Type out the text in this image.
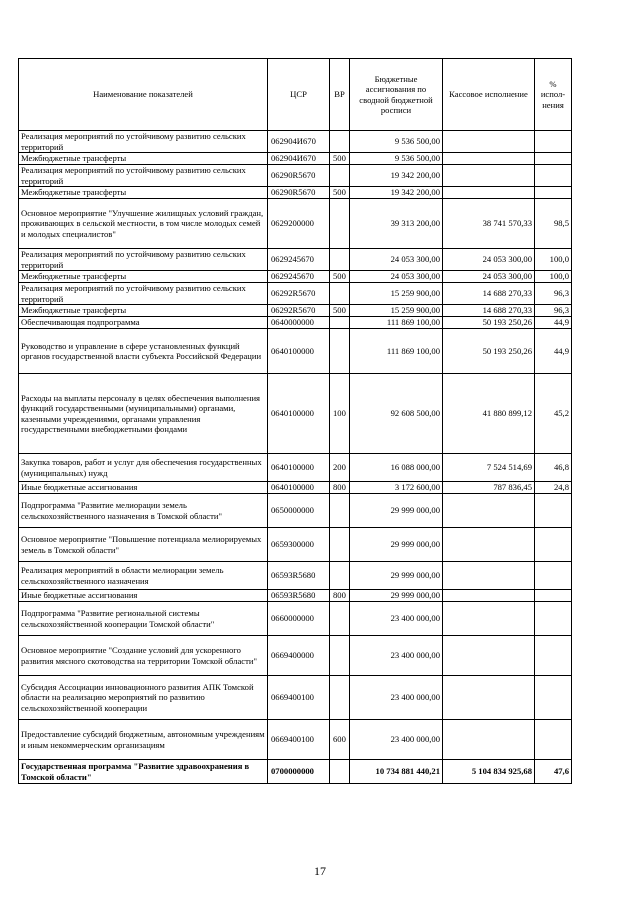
Наименование показателей	ЦСР	ВР	Бюджетные ассигнования по сводной бюджетной росписи	Кассовое исполнение	% испол-нения
Реализация мероприятий по устойчивому развитию сельских территорий	062904И670		9 536 500,00		
Межбюджетные трансферты	062904И670	500	9 536 500,00		
Реализация мероприятий по устойчивому развитию сельских территорий	06290R5670		19 342 200,00		
Межбюджетные трансферты	06290R5670	500	19 342 200,00		
Основное мероприятие "Улучшение жилищных условий граждан, проживающих в сельской местности, в том числе молодых семей и молодых специалистов"	0629200000		39 313 200,00	38 741 570,33	98,5
Реализация мероприятий по устойчивому развитию сельских территорий	0629245670		24 053 300,00	24 053 300,00	100,0
Межбюджетные трансферты	0629245670	500	24 053 300,00	24 053 300,00	100,0
Реализация мероприятий по устойчивому развитию сельских территорий	06292R5670		15 259 900,00	14 688 270,33	96,3
Межбюджетные трансферты	06292R5670	500	15 259 900,00	14 688 270,33	96,3
Обеспечивающая подпрограмма	0640000000		111 869 100,00	50 193 250,26	44,9
Руководство и управление в сфере установленных функций органов государственной власти субъекта Российской Федерации	0640100000		111 869 100,00	50 193 250,26	44,9
Расходы на выплаты персоналу в целях обеспечения выполнения функций государственными (муниципальными) органами, казенными учреждениями, органами управления государственными внебюджетными фондами	0640100000	100	92 608 500,00	41 880 899,12	45,2
Закупка товаров, работ и услуг для обеспечения государственных (муниципальных) нужд	0640100000	200	16 088 000,00	7 524 514,69	46,8
Иные бюджетные ассигнования	0640100000	800	3 172 600,00	787 836,45	24,8
Подпрограмма "Развитие мелиорации земель сельскохозяйственного назначения в Томской области"	0650000000		29 999 000,00		
Основное мероприятие "Повышение потенциала мелиорируемых земель в Томской области"	0659300000		29 999 000,00		
Реализация мероприятий в области мелиорации земель сельскохозяйственного назначения	06593R5680		29 999 000,00		
Иные бюджетные ассигнования	06593R5680	800	29 999 000,00		
Подпрограмма "Развитие региональной системы сельскохозяйственной кооперации Томской области"	0660000000		23 400 000,00		
Основное мероприятие "Создание условий для ускоренного развития мясного скотоводства на территории Томской области"	0669400000		23 400 000,00		
Субсидия Ассоциации инновационного развития АПК Томской области на реализацию мероприятий по развитию сельскохозяйственной кооперации	0669400100		23 400 000,00		
Предоставление субсидий бюджетным, автономным учреждениям и иным некоммерческим организациям	0669400100	600	23 400 000,00		
Государственная программа "Развитие здравоохранения в Томской области"	0700000000		10 734 881 440,21	5 104 834 925,68	47,6
17
